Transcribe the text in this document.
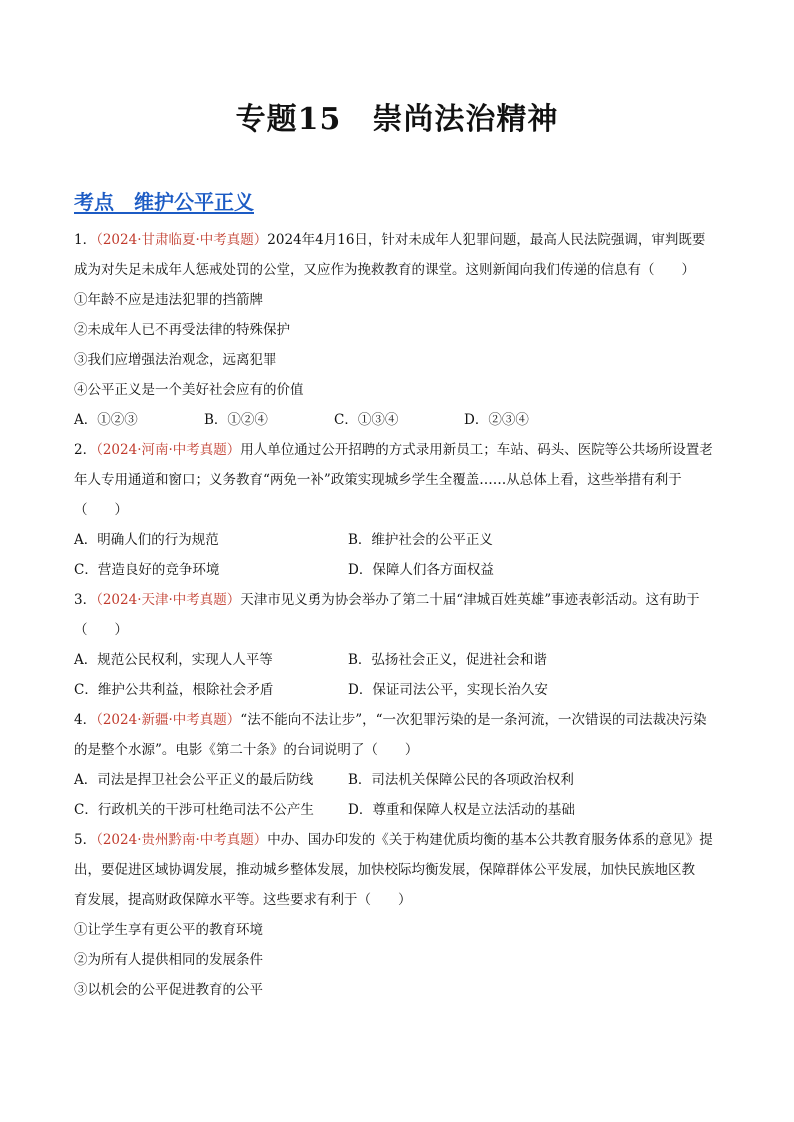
专题15　崇尚法治精神
考点　维护公平正义
1．（2024·甘肃临夏·中考真题）2024年4月16日，针对未成年人犯罪问题，最高人民法院强调，审判既要
成为对失足未成年人惩戒处罚的公堂，又应作为挽救教育的课堂。这则新闻向我们传递的信息有（　　）
①年龄不应是违法犯罪的挡箭牌
②未成年人已不再受法律的特殊保护
③我们应增强法治观念，远离犯罪
④公平正义是一个美好社会应有的价值
A．①②③	B．①②④	C．①③④	D．②③④
2．（2024·河南·中考真题）用人单位通过公开招聘的方式录用新员工；车站、码头、医院等公共场所设置老
年人专用通道和窗口；义务教育“两免一补”政策实现城乡学生全覆盖……从总体上看，这些举措有利于
（　　）
A．明确人们的行为规范	B．维护社会的公平正义
C．营造良好的竞争环境	D．保障人们各方面权益
3．（2024·天津·中考真题）天津市见义勇为协会举办了第二十届“津城百姓英雄”事迹表彰活动。这有助于
（　　）
A．规范公民权利，实现人人平等	B．弘扬社会正义，促进社会和谐
C．维护公共利益，根除社会矛盾	D．保证司法公平，实现长治久安
4．（2024·新疆·中考真题）“法不能向不法让步”，“一次犯罪污染的是一条河流，一次错误的司法裁决污染
的是整个水源”。电影《第二十条》的台词说明了（　　）
A．司法是捍卫社会公平正义的最后防线	B．司法机关保障公民的各项政治权利
C．行政机关的干涉可杜绝司法不公产生	D．尊重和保障人权是立法活动的基础
5．（2024·贵州黔南·中考真题）中办、国办印发的《关于构建优质均衡的基本公共教育服务体系的意见》提
出，要促进区域协调发展，推动城乡整体发展，加快校际均衡发展，保障群体公平发展，加快民族地区教
育发展，提高财政保障水平等。这些要求有利于（　　）
①让学生享有更公平的教育环境
②为所有人提供相同的发展条件
③以机会的公平促进教育的公平
